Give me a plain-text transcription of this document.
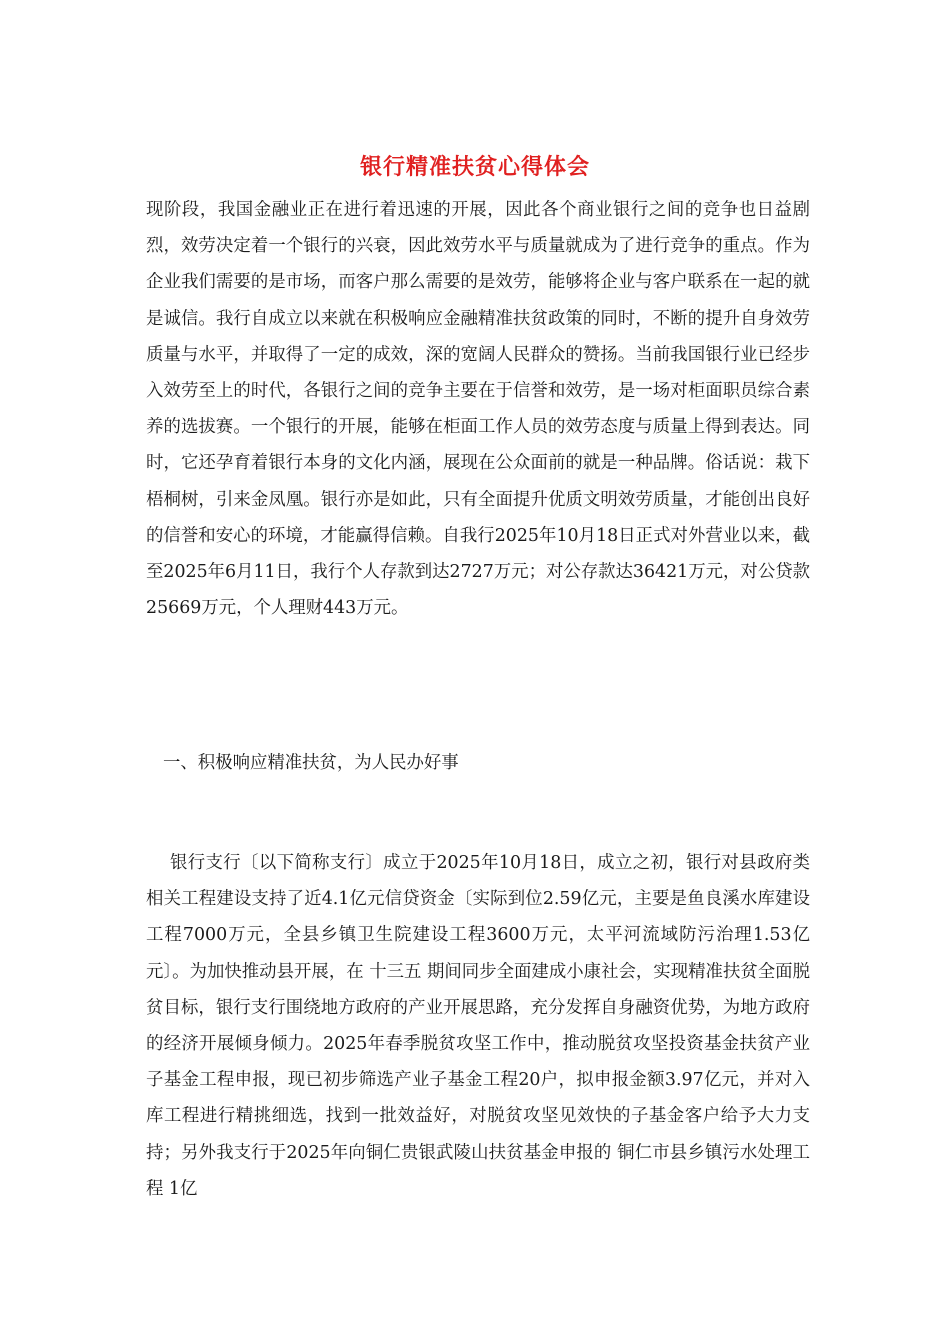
银行精准扶贫心得体会

现阶段，我国金融业正在进行着迅速的开展，因此各个商业银行之间的竞争也日益剧烈，效劳决定着一个银行的兴衰，因此效劳水平与质量就成为了进行竞争的重点。作为企业我们需要的是市场，而客户那么需要的是效劳，能够将企业与客户联系在一起的就是诚信。我行自成立以来就在积极响应金融精准扶贫政策的同时，不断的提升自身效劳质量与水平，并取得了一定的成效，深的宽阔人民群众的赞扬。当前我国银行业已经步入效劳至上的时代，各银行之间的竞争主要在于信誉和效劳，是一场对柜面职员综合素养的选拔赛。一个银行的开展，能够在柜面工作人员的效劳态度与质量上得到表达。同时，它还孕育着银行本身的文化内涵，展现在公众面前的就是一种品牌。俗话说：栽下梧桐树，引来金凤凰。银行亦是如此，只有全面提升优质文明效劳质量，才能创出良好的信誉和安心的环境，才能赢得信赖。自我行2025年10月18日正式对外营业以来，截至2025年6月11日，我行个人存款到达2727万元；对公存款达36421万元，对公贷款25669万元，个人理财443万元。

一、积极响应精准扶贫，为人民办好事

银行支行〔以下简称支行〕成立于2025年10月18日，成立之初，银行对县政府类相关工程建设支持了近4.1亿元信贷资金〔实际到位2.59亿元，主要是鱼良溪水库建设工程7000万元，全县乡镇卫生院建设工程3600万元，太平河流域防污治理1.53亿元〕。为加快推动县开展，在 十三五 期间同步全面建成小康社会，实现精准扶贫全面脱贫目标，银行支行围绕地方政府的产业开展思路，充分发挥自身融资优势，为地方政府的经济开展倾身倾力。2025年春季脱贫攻坚工作中，推动脱贫攻坚投资基金扶贫产业子基金工程申报，现已初步筛选产业子基金工程20户，拟申报金额3.97亿元，并对入库工程进行精挑细选，找到一批效益好，对脱贫攻坚见效快的子基金客户给予大力支持；另外我支行于2025年向铜仁贵银武陵山扶贫基金申报的 铜仁市县乡镇污水处理工程 1亿
